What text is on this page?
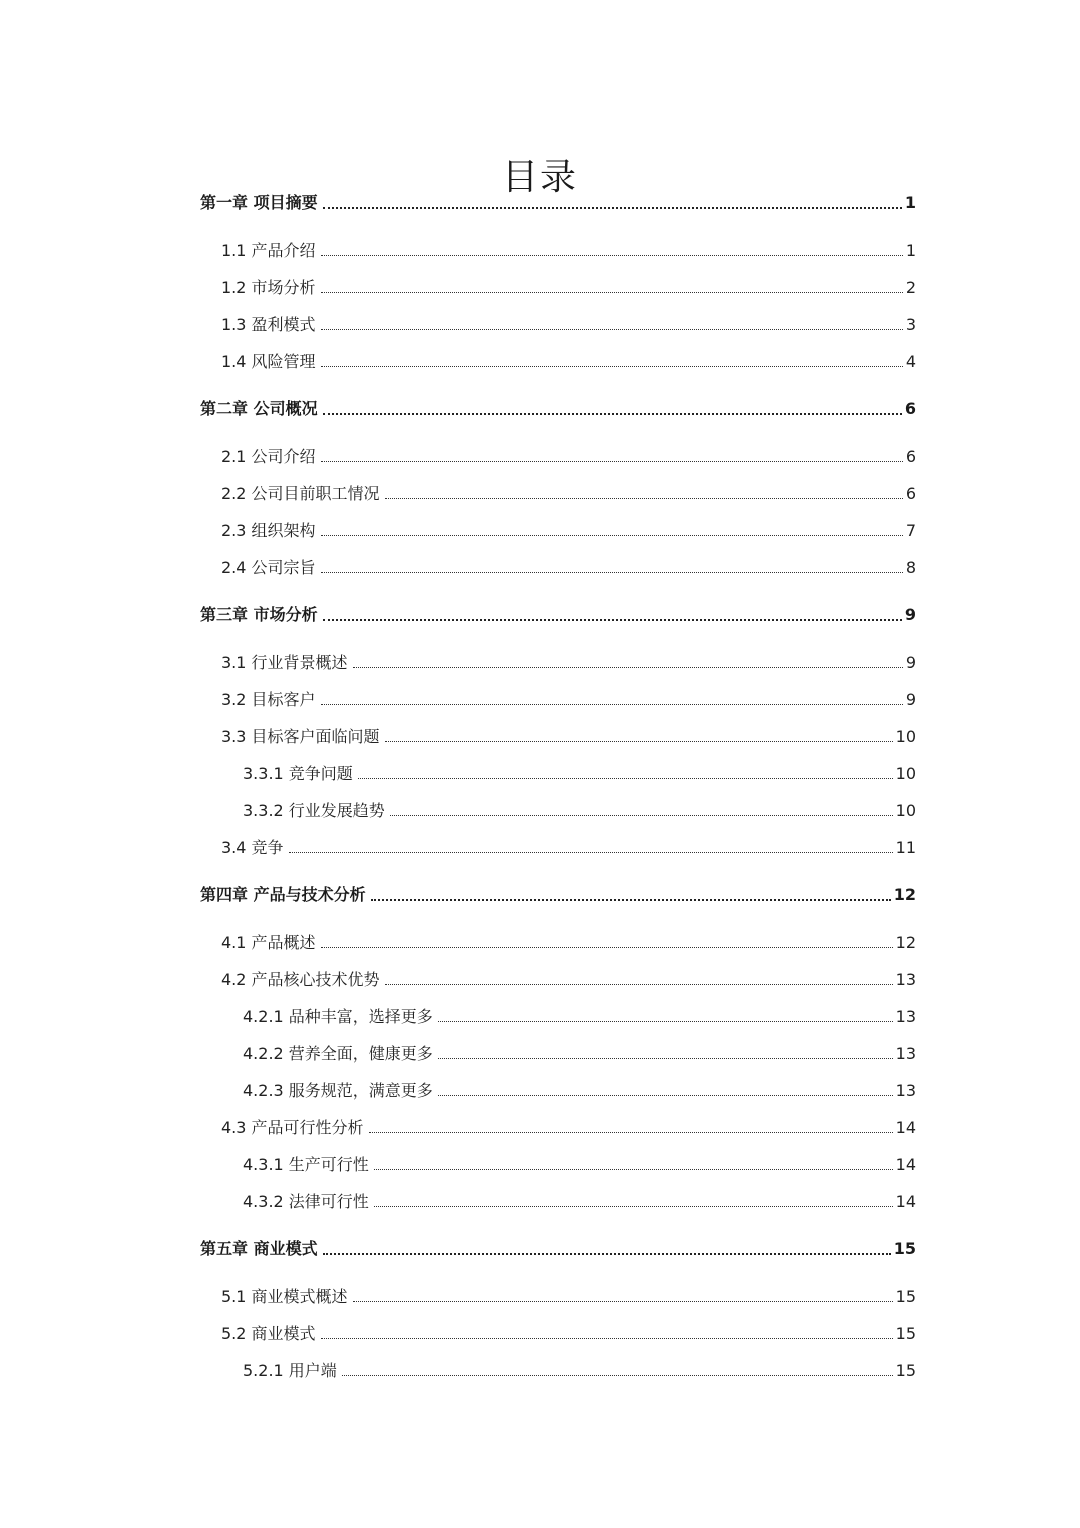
目录
第一章 项目摘要	1
1.1 产品介绍	1
1.2 市场分析	2
1.3 盈利模式	3
1.4 风险管理	4
第二章 公司概况	6
2.1 公司介绍	6
2.2 公司目前职工情况	6
2.3 组织架构	7
2.4 公司宗旨	8
第三章 市场分析	9
3.1 行业背景概述	9
3.2 目标客户	9
3.3 目标客户面临问题	10
3.3.1 竞争问题	10
3.3.2 行业发展趋势	10
3.4 竞争	11
第四章 产品与技术分析	12
4.1 产品概述	12
4.2 产品核心技术优势	13
4.2.1 品种丰富，选择更多	13
4.2.2 营养全面，健康更多	13
4.2.3 服务规范，满意更多	13
4.3 产品可行性分析	14
4.3.1 生产可行性	14
4.3.2 法律可行性	14
第五章 商业模式	15
5.1 商业模式概述	15
5.2 商业模式	15
5.2.1 用户端	15
